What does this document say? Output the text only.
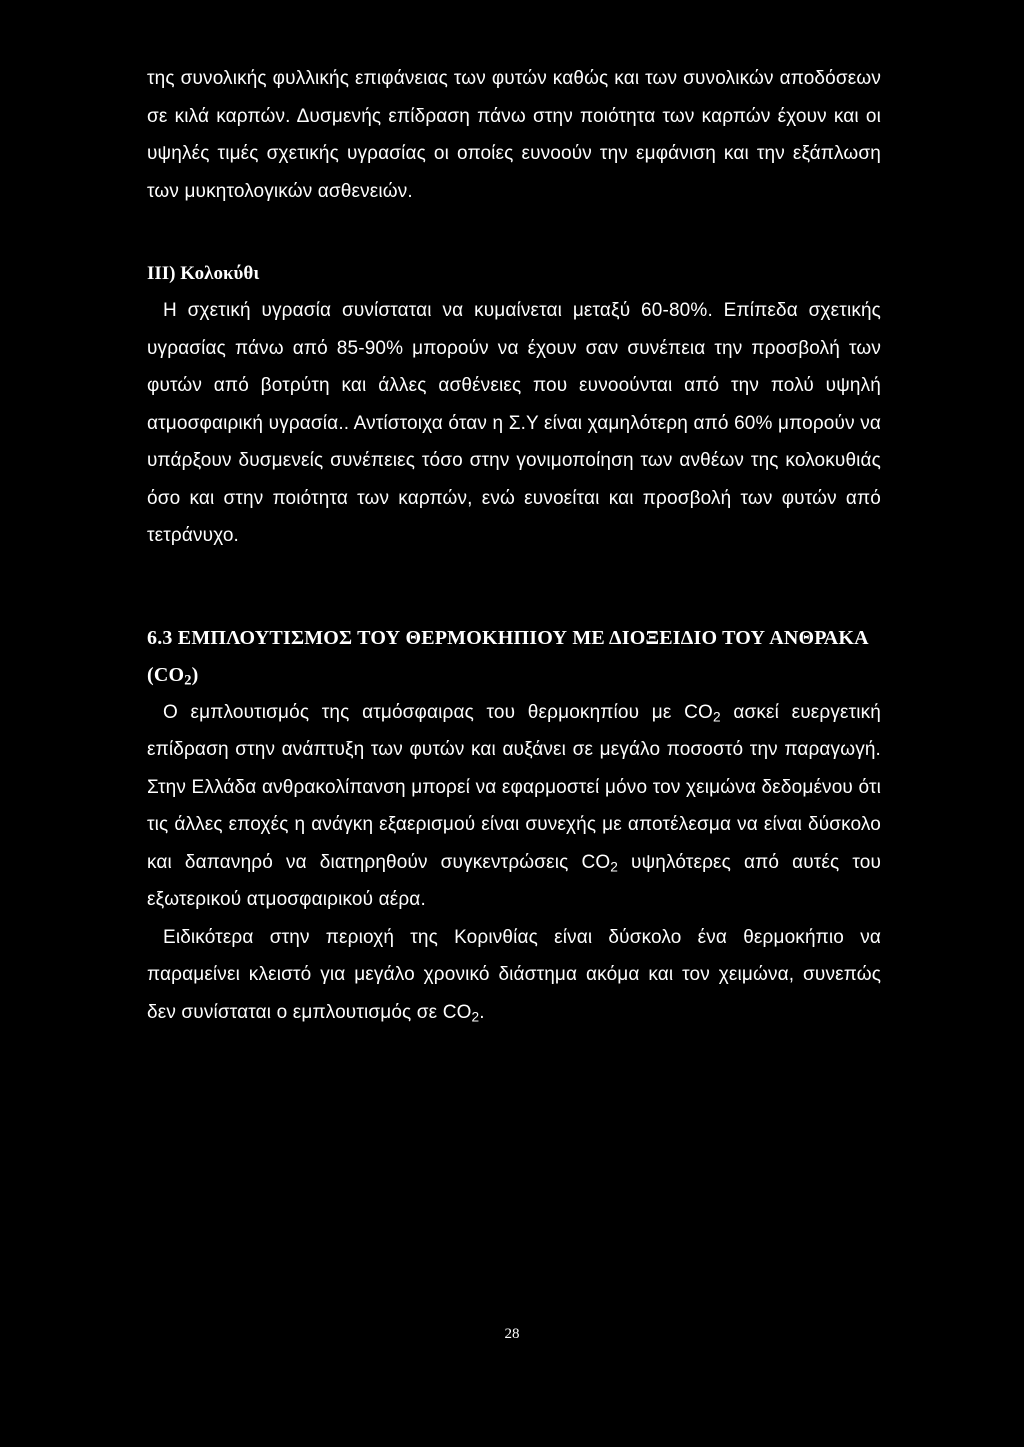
της συνολικής φυλλικής επιφάνειας των φυτών καθώς και των συνολικών αποδόσεων σε κιλά καρπών. Δυσμενής επίδραση πάνω στην ποιότητα των καρπών έχουν και οι υψηλές τιμές σχετικής υγρασίας οι οποίες ευνοούν την εμφάνιση και την εξάπλωση των μυκητολογικών ασθενειών.

III) Κολοκύθι

Η σχετική υγρασία συνίσταται να κυμαίνεται μεταξύ 60-80%. Επίπεδα σχετικής υγρασίας πάνω από 85-90% μπορούν να έχουν σαν συνέπεια την προσβολή των φυτών από βοτρύτη και άλλες ασθένειες που ευνοούνται από την πολύ υψηλή ατμοσφαιρική υγρασία.. Αντίστοιχα όταν η Σ.Υ είναι χαμηλότερη από 60% μπορούν να υπάρξουν δυσμενείς συνέπειες τόσο στην γονιμοποίηση των ανθέων της κολοκυθιάς όσο και στην ποιότητα των καρπών, ενώ ευνοείται και προσβολή των φυτών από τετράνυχο.

6.3 ΕΜΠΛΟΥΤΙΣΜΟΣ ΤΟΥ ΘΕΡΜΟΚΗΠΙΟΥ ΜΕ ΔΙΟΞΕΙΔΙΟ ΤΟΥ ΑΝΘΡΑΚΑ $(CO_2)$

Ο εμπλουτισμός της ατμόσφαιρας του θερμοκηπίου με $CO_2$ ασκεί ευεργετική επίδραση στην ανάπτυξη των φυτών και αυξάνει σε μεγάλο ποσοστό την παραγωγή. Στην Ελλάδα ανθρακολίπανση μπορεί να εφαρμοστεί μόνο τον χειμώνα δεδομένου ότι τις άλλες εποχές η ανάγκη εξαερισμού είναι συνεχής με αποτέλεσμα να είναι δύσκολο και δαπανηρό να διατηρηθούν συγκεντρώσεις $CO_2$ υψηλότερες από αυτές του εξωτερικού ατμοσφαιρικού αέρα.

Ειδικότερα στην περιοχή της Κορινθίας είναι δύσκολο ένα θερμοκήπιο να παραμείνει κλειστό για μεγάλο χρονικό διάστημα ακόμα και τον χειμώνα, συνεπώς δεν συνίσταται ο εμπλουτισμός σε $CO_2$.

28
